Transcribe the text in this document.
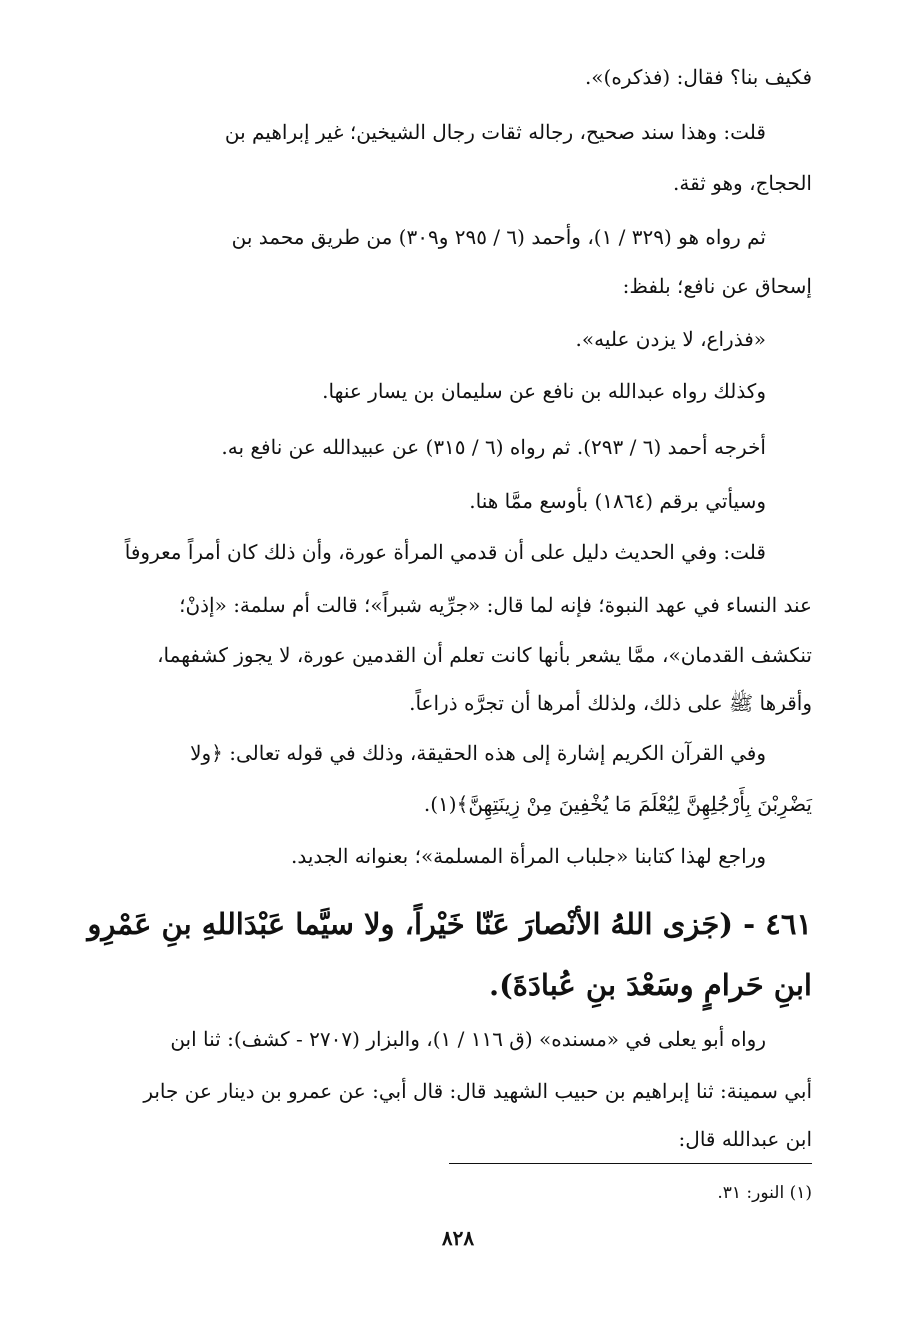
فكيف بنا؟ فقال: (فذكره)».
قلت: وهذا سند صحيح، رجاله ثقات رجال الشيخين؛ غير إبراهيم بن
الحجاج، وهو ثقة.
ثم رواه هو (٣٢٩ / ١)، وأحمد (٦ / ٢٩٥ و٣٠٩) من طريق محمد بن
إسحاق عن نافع؛ بلفظ:
«فذراع، لا يزدن عليه».
وكذلك رواه عبدالله بن نافع عن سليمان بن يسار عنها.
أخرجه أحمد (٦ / ٢٩٣). ثم رواه (٦ / ٣١٥) عن عبيدالله عن نافع به.
وسيأتي برقم (١٨٦٤) بأوسع ممَّا هنا.
قلت: وفي الحديث دليل على أن قدمي المرأة عورة، وأن ذلك كان أمراً معروفاً
عند النساء في عهد النبوة؛ فإنه لما قال: «جرِّيه شبراً»؛ قالت أم سلمة: «إذنْ؛
تنكشف القدمان»، ممَّا يشعر بأنها كانت تعلم أن القدمين عورة، لا يجوز كشفهما،
وأقرها ﷺ على ذلك، ولذلك أمرها أن تجرَّه ذراعاً.
وفي القرآن الكريم إشارة إلى هذه الحقيقة، وذلك في قوله تعالى: ﴿ولا
يَضْرِبْنَ بِأَرْجُلِهِنَّ لِيُعْلَمَ مَا يُخْفِينَ مِنْ زِينَتِهِنَّ﴾(١).
وراجع لهذا كتابنا «جلباب المرأة المسلمة»؛ بعنوانه الجديد.
٤٦١ - (جَزى اللهُ الأنْصارَ عَنّا خَيْراً، ولا سيَّما عَبْدَاللهِ بنِ عَمْرِو
ابنِ حَرامٍ وسَعْدَ بنِ عُبادَةَ).
رواه أبو يعلى في «مسنده» (ق ١١٦ / ١)، والبزار (٢٧٠٧ - كشف): ثنا ابن
أبي سمينة: ثنا إبراهيم بن حبيب الشهيد قال: قال أبي: عن عمرو بن دينار عن جابر
ابن عبدالله قال:
(١) النور: ٣١.
٨٢٨
